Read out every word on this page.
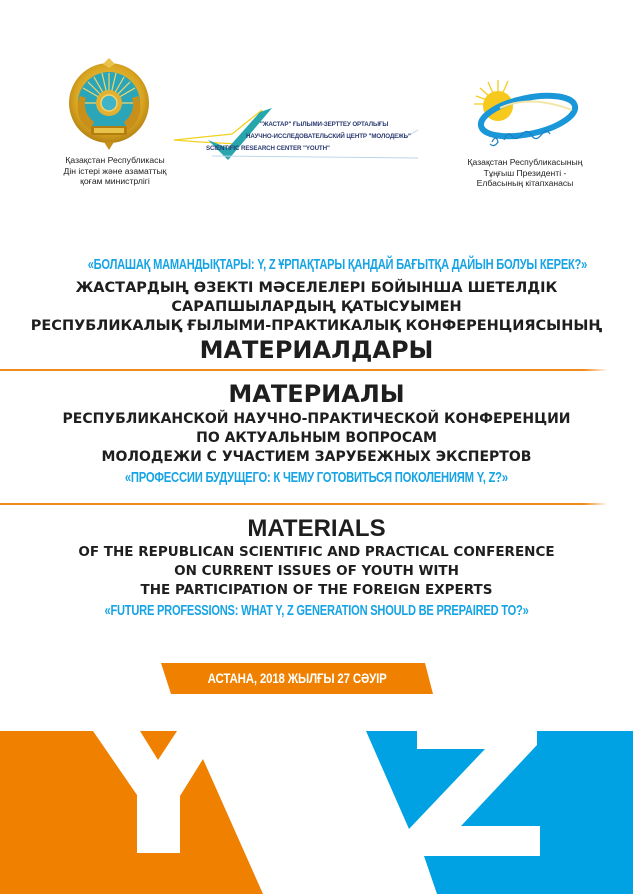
Қазақстан Республикасы
Дін істері және азаматтық
қоғам министрлігі
"ЖАСТАР" ҒЫЛЫМИ-ЗЕРТТЕУ ОРТАЛЫҒЫ
НАУЧНО-ИССЛЕДОВАТЕЛЬСКИЙ ЦЕНТР "МОЛОДЕЖЬ"
SCIENTIFIC RESEARCH CENTER "YOUTH"
Қазақстан Республикасының
Тұңғыш Президенті -
Елбасының кітапханасы
«БОЛАШАҚ МАМАНДЫҚТАРЫ: Y, Z ҰРПАҚТАРЫ ҚАНДАЙ БАҒЫТҚА ДАЙЫН БОЛУЫ КЕРЕК?»
ЖАСТАРДЫҢ ӨЗЕКТІ МӘСЕЛЕЛЕРІ БОЙЫНША ШЕТЕЛДІК
САРАПШЫЛАРДЫҢ ҚАТЫСУЫМЕН
РЕСПУБЛИКАЛЫҚ ҒЫЛЫМИ-ПРАКТИКАЛЫҚ КОНФЕРЕНЦИЯСЫНЫҢ
МАТЕРИАЛДАРЫ
МАТЕРИАЛЫ
РЕСПУБЛИКАНСКОЙ НАУЧНО-ПРАКТИЧЕСКОЙ КОНФЕРЕНЦИИ
ПО АКТУАЛЬНЫМ ВОПРОСАМ
МОЛОДЕЖИ С УЧАСТИЕМ ЗАРУБЕЖНЫХ ЭКСПЕРТОВ
«ПРОФЕССИИ БУДУЩЕГО: К ЧЕМУ ГОТОВИТЬСЯ ПОКОЛЕНИЯМ Y, Z?»
MATERIALS
OF THE REPUBLICAN SCIENTIFIC AND PRACTICAL CONFERENCE
ON CURRENT ISSUES OF YOUTH WITH
THE PARTICIPATION OF THE FOREIGN EXPERTS
«FUTURE PROFESSIONS: WHAT Y, Z GENERATION SHOULD BE PREPAIRED TO?»
АСТАНА, 2018 ЖЫЛҒЫ 27 СӘУІР
